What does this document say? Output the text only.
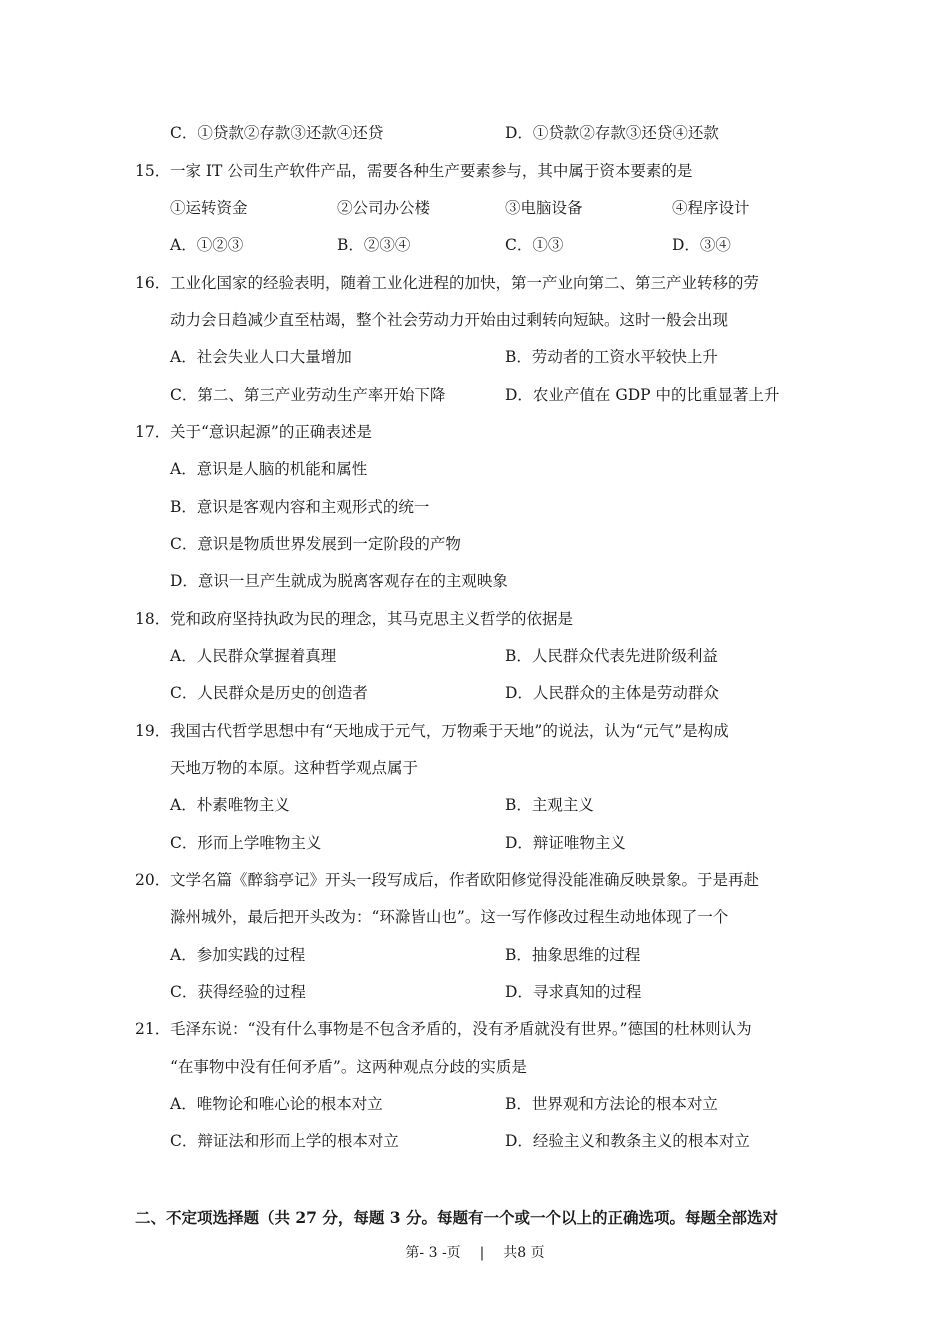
C．①贷款②存款③还款④还贷	D．①贷款②存款③还贷④还款
15． 一家 IT 公司生产软件产品，需要各种生产要素参与，其中属于资本要素的是
①运转资金	②公司办公楼	③电脑设备	④程序设计
A．①②③	B．②③④	C．①③	D．③④
16． 工业化国家的经验表明，随着工业化进程的加快，第一产业向第二、第三产业转移的劳
动力会日趋减少直至枯竭，整个社会劳动力开始由过剩转向短缺。这时一般会出现
A．社会失业人口大量增加	B．劳动者的工资水平较快上升
C．第二、第三产业劳动生产率开始下降	D．农业产值在 GDP 中的比重显著上升
17． 关于“意识起源”的正确表述是
A．意识是人脑的机能和属性
B．意识是客观内容和主观形式的统一
C．意识是物质世界发展到一定阶段的产物
D．意识一旦产生就成为脱离客观存在的主观映象
18． 党和政府坚持执政为民的理念，其马克思主义哲学的依据是
A．人民群众掌握着真理	B．人民群众代表先进阶级利益
C．人民群众是历史的创造者	D．人民群众的主体是劳动群众
19． 我国古代哲学思想中有“天地成于元气，万物乘于天地”的说法，认为“元气”是构成
天地万物的本原。这种哲学观点属于
A．朴素唯物主义	B．主观主义
C．形而上学唯物主义	D．辩证唯物主义
20． 文学名篇《醉翁亭记》开头一段写成后，作者欧阳修觉得没能准确反映景象。于是再赴
滁州城外，最后把开头改为：“环滁皆山也”。这一写作修改过程生动地体现了一个
A．参加实践的过程	B．抽象思维的过程
C．获得经验的过程	D．寻求真知的过程
21． 毛泽东说：“没有什么事物是不包含矛盾的，没有矛盾就没有世界。”德国的杜林则认为
“在事物中没有任何矛盾”。这两种观点分歧的实质是
A．唯物论和唯心论的根本对立	B．世界观和方法论的根本对立
C．辩证法和形而上学的根本对立	D．经验主义和教条主义的根本对立
二、不定项选择题（共 27 分，每题 3 分。每题有一个或一个以上的正确选项。每题全部选对
第- 3 -页 | 共8 页
